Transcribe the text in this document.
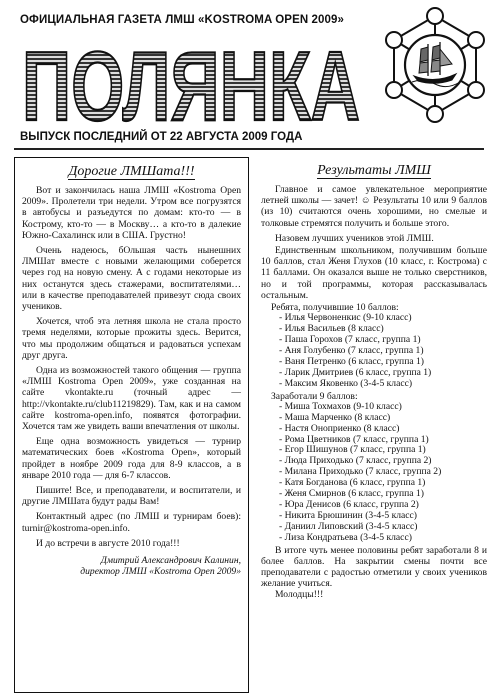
ОФИЦИАЛЬНАЯ ГАЗЕТА ЛМШ «KOSTROMA OPEN 2009»
ПОЛЯНКА
ВЫПУСК ПОСЛЕДНИЙ ОТ 22 АВГУСТА 2009 ГОДА
Дорогие ЛМШата!!!

Вот и закончилась наша ЛМШ «Kostroma Open 2009». Пролетели три недели. Утром все погрузятся в автобусы и разъедутся по домам: кто-то — в Кострому, кто-то — в Москву… а кто-то в далекие Южно-Сахалинск или в США. Грустно!

Очень надеюсь, бОльшая часть нынешних ЛМШат вместе с новыми желающими соберется через год на новую смену. А с годами некоторые из них останутся здесь стажерами, воспитателями… или в качестве преподавателей привезут сюда своих учеников.

Хочется, чтоб эта летняя школа не стала просто тремя неделями, которые прожиты здесь. Верится, что мы продолжим общаться и радоваться успехам друг друга.

Одна из возможностей такого общения — группа «ЛМШ Kostroma Open 2009», уже созданная на сайте vkontakte.ru (точный адрес — http://vkontakte.ru/club11219829). Там, как и на самом сайте kostroma-open.info, появятся фотографии. Хочется там же увидеть ваши впечатления от школы.

Еще одна возможность увидеться — турнир математических боев «Kostroma Open», который пройдет в ноябре 2009 года для 8-9 классов, а в январе 2010 года — для 6-7 классов.

Пишите! Все, и преподаватели, и воспитатели, и другие ЛМШата будут рады Вам!

Контактный адрес (по ЛМШ и турнирам боев): turnir@kostroma-open.info.

И до встречи в августе 2010 года!!!

Дмитрий Александрович Калинин,

директор ЛМШ «Kostroma Open 2009»

Результаты ЛМШ

Главное и самое увлекательное мероприятие летней школы — зачет! ☺ Результаты 10 или 9 баллов (из 10) считаются очень хорошими, но смелые и толковые стремятся получить и больше этого.

Назовем лучших учеников этой ЛМШ.

Единственным школьником, получившим больше 10 баллов, стал Женя Глухов (10 класс, г. Кострома) с 11 баллами. Он оказался выше не только сверстников, но и той программы, которая рассказывалась остальным.

Ребята, получившие 10 баллов:

- Илья Червоненкис (9-10 класс)
- Илья Васильев (8 класс)
- Паша Горохов (7 класс, группа 1)
- Аня Голубенко (7 класс, группа 1)
- Ваня Петренко (6 класс, группа 1)
- Ларик Дмитриев (6 класс, группа 1)
- Максим Яковенко (3-4-5 класс)

Заработали 9 баллов:

- Миша Тохмахов (9-10 класс)
- Маша Марченко (8 класс)
- Настя Оноприенко (8 класс)
- Рома Цветников (7 класс, группа 1)
- Егор Шишунов (7 класс, группа 1)
- Люда Приходько (7 класс, группа 2)
- Милана Приходько (7 класс, группа 2)
- Катя Богданова (6 класс, группа 1)
- Женя Смирнов (6 класс, группа 1)
- Юра Денисов (6 класс, группа 2)
- Никита Брюшинин (3-4-5 класс)
- Даниил Липовский (3-4-5 класс)
- Лиза Кондратьева (3-4-5 класс)

В итоге чуть менее половины ребят заработали 8 и более баллов. На закрытии смены почти все преподаватели с радостью отметили у своих учеников желание учиться.

Молодцы!!!
